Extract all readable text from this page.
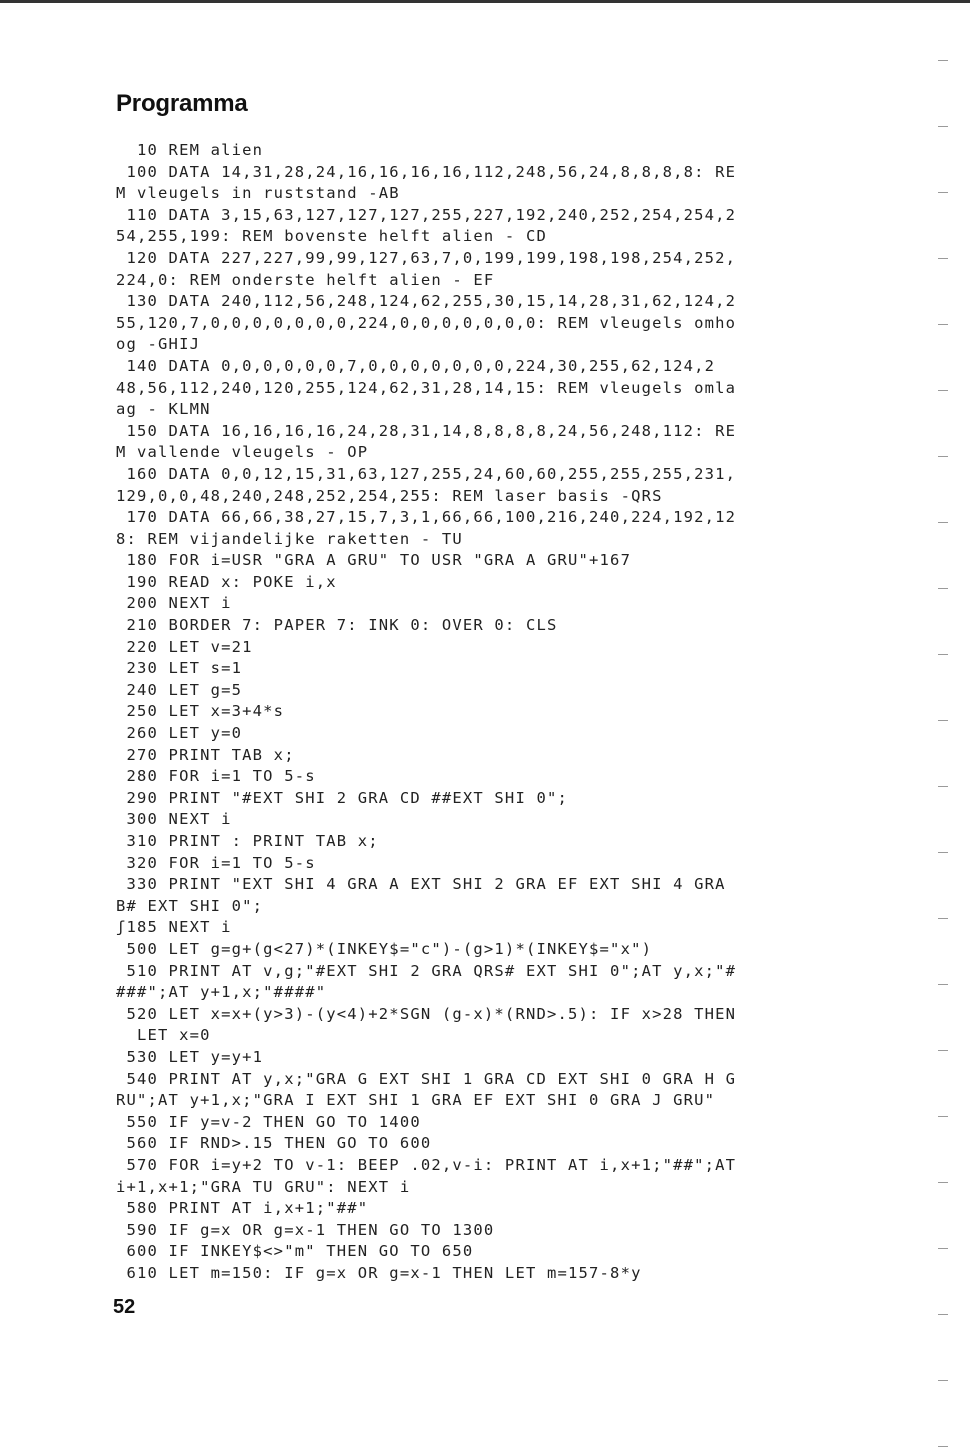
Programma
10 REM alien
100 DATA 14,31,28,24,16,16,16,16,112,248,56,24,8,8,8,8: RE
M vleugels in ruststand -AB
110 DATA 3,15,63,127,127,127,255,227,192,240,252,254,254,2
54,255,199: REM bovenste helft alien - CD
120 DATA 227,227,99,99,127,63,7,0,199,199,198,198,254,252,
224,0: REM onderste helft alien - EF
130 DATA 240,112,56,248,124,62,255,30,15,14,28,31,62,124,2
55,120,7,0,0,0,0,0,0,0,224,0,0,0,0,0,0,0: REM vleugels omho
og -GHIJ
140 DATA 0,0,0,0,0,0,7,0,0,0,0,0,0,0,224,30,255,62,124,2
48,56,112,240,120,255,124,62,31,28,14,15: REM vleugels omla
ag - KLMN
150 DATA 16,16,16,16,24,28,31,14,8,8,8,8,24,56,248,112: RE
M vallende vleugels - OP
160 DATA 0,0,12,15,31,63,127,255,24,60,60,255,255,255,231,
129,0,0,48,240,248,252,254,255: REM laser basis -QRS
170 DATA 66,66,38,27,15,7,3,1,66,66,100,216,240,224,192,12
8: REM vijandelijke raketten - TU
180 FOR i=USR "GRA A GRU" TO USR "GRA A GRU"+167
190 READ x: POKE i,x
200 NEXT i
210 BORDER 7: PAPER 7: INK 0: OVER 0: CLS
220 LET v=21
230 LET s=1
240 LET g=5
250 LET x=3+4*s
260 LET y=0
270 PRINT TAB x;
280 FOR i=1 TO 5-s
290 PRINT "#EXT SHI 2 GRA CD ##EXT SHI 0";
300 NEXT i
310 PRINT : PRINT TAB x;
320 FOR i=1 TO 5-s
330 PRINT "EXT SHI 4 GRA A EXT SHI 2 GRA EF EXT SHI 4 GRA
B# EXT SHI 0";
ʃ185 NEXT i
500 LET g=g+(g<27)*(INKEY$="c")-(g>1)*(INKEY$="x")
510 PRINT AT v,g;"#EXT SHI 2 GRA QRS# EXT SHI 0";AT y,x;"#
###";AT y+1,x;"####"
520 LET x=x+(y>3)-(y<4)+2*SGN (g-x)*(RND>.5): IF x>28 THEN
LET x=0
530 LET y=y+1
540 PRINT AT y,x;"GRA G EXT SHI 1 GRA CD EXT SHI 0 GRA H G
RU";AT y+1,x;"GRA I EXT SHI 1 GRA EF EXT SHI 0 GRA J GRU"
550 IF y=v-2 THEN GO TO 1400
560 IF RND>.15 THEN GO TO 600
570 FOR i=y+2 TO v-1: BEEP .02,v-i: PRINT AT i,x+1;"##";AT
i+1,x+1;"GRA TU GRU": NEXT i
580 PRINT AT i,x+1;"##"
590 IF g=x OR g=x-1 THEN GO TO 1300
600 IF INKEY$<>"m" THEN GO TO 650
610 LET m=150: IF g=x OR g=x-1 THEN LET m=157-8*y
52
